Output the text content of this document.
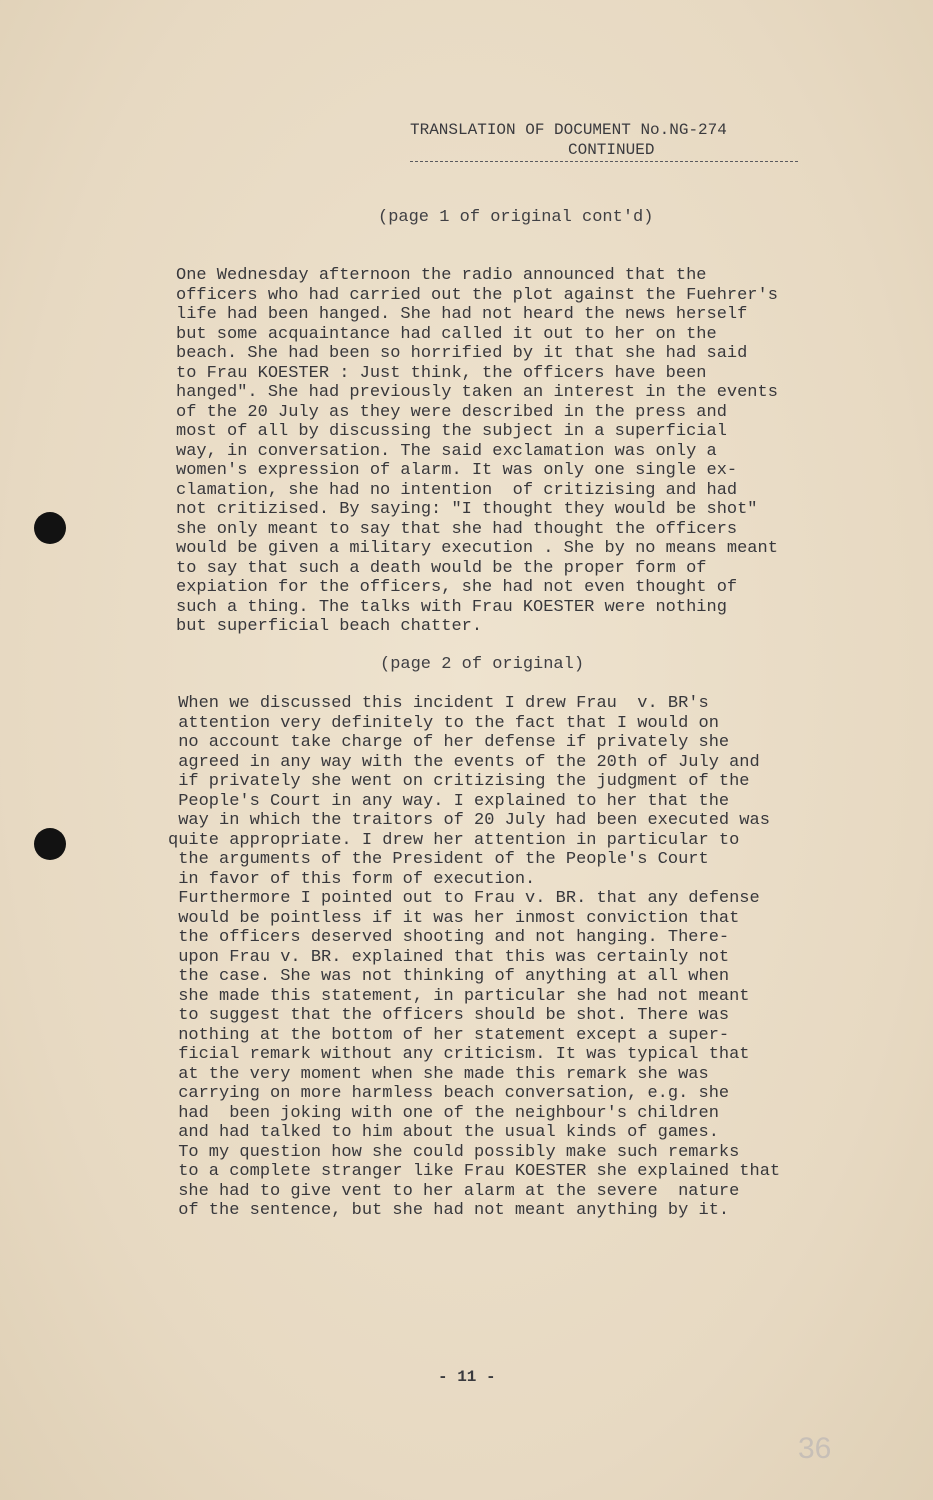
TRANSLATION OF DOCUMENT No.NG-274
CONTINUED
(page 1 of original cont'd)
One Wednesday afternoon the radio announced that the
officers who had carried out the plot against the Fuehrer's
life had been hanged. She had not heard the news herself
but some acquaintance had called it out to her on the
beach. She had been so horrified by it that she had said
to Frau KOESTER : Just think, the officers have been
hanged". She had previously taken an interest in the events
of the 20 July as they were described in the press and
most of all by discussing the subject in a superficial
way, in conversation. The said exclamation was only a
women's expression of alarm. It was only one single ex-
clamation, she had no intention  of critizising and had
not critizised. By saying: "I thought they would be shot"
she only meant to say that she had thought the officers
would be given a military execution . She by no means meant
to say that such a death would be the proper form of
expiation for the officers, she had not even thought of
such a thing. The talks with Frau KOESTER were nothing
but superficial beach chatter.
(page 2 of original)
When we discussed this incident I drew Frau  v. BR's
attention very definitely to the fact that I would on
no account take charge of her defense if privately she
agreed in any way with the events of the 20th of July and
if privately she went on critizising the judgment of the
People's Court in any way. I explained to her that the
way in which the traitors of 20 July had been executed was
quite appropriate. I drew her attention in particular to
the arguments of the President of the People's Court
in favor of this form of execution.
Furthermore I pointed out to Frau v. BR. that any defense
would be pointless if it was her inmost conviction that
the officers deserved shooting and not hanging. There-
upon Frau v. BR. explained that this was certainly not
the case. She was not thinking of anything at all when
she made this statement, in particular she had not meant
to suggest that the officers should be shot. There was
nothing at the bottom of her statement except a super-
ficial remark without any criticism. It was typical that
at the very moment when she made this remark she was
carrying on more harmless beach conversation, e.g. she
had  been joking with one of the neighbour's children
and had talked to him about the usual kinds of games.
To my question how she could possibly make such remarks
to a complete stranger like Frau KOESTER she explained that
she had to give vent to her alarm at the severe  nature
of the sentence, but she had not meant anything by it.
- 11 -
36
